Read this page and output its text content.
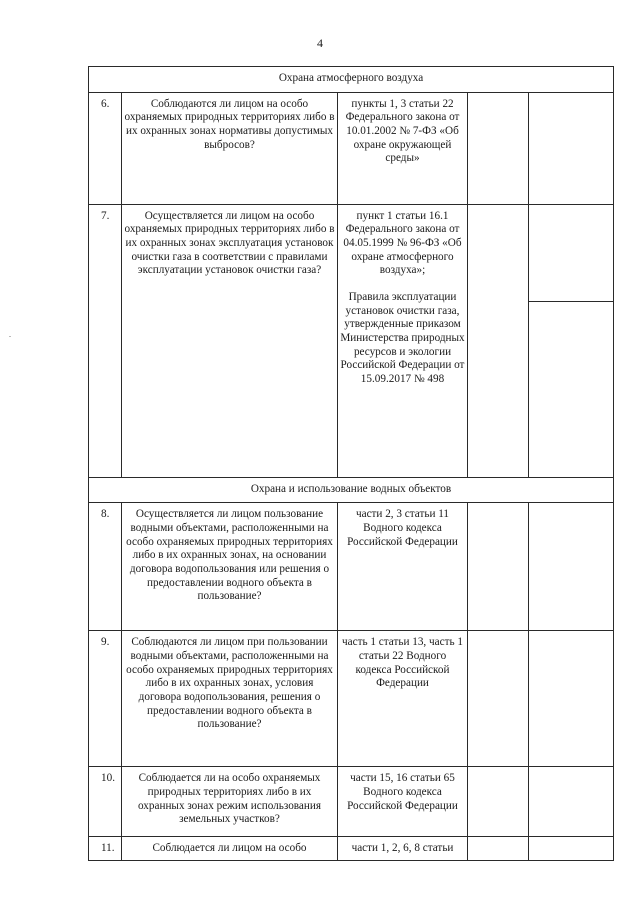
4
Охрана атмосферного воздуха				
6.	Соблюдаются ли лицом на особо охраняемых природных территориях либо в их охранных зонах нормативы допустимых выбросов?	пункты 1, 3 статьи 22 Федерального закона от 10.01.2002 № 7-ФЗ «Об охране окружающей среды»		

7.	Осуществляется ли лицом на особо охраняемых природных территориях либо в их охранных зонах эксплуатация установок очистки газа в соответствии с правилами эксплуатации установок очистки газа?	пункт 1 статьи 16.1 Федерального закона от 04.05.1999 № 96-ФЗ «Об охране атмосферного воздуха»;
Правила эксплуатации установок очистки газа, утвержденные приказом Министерства природных ресурсов и экологии Российской Федерации от 15.09.2017 № 498		

Охрана и использование водных объектов				
8.	Осуществляется ли лицом пользование водными объектами, расположенными на особо охраняемых природных территориях либо в их охранных зонах, на основании договора водопользования или решения о предоставлении водного объекта в пользование?	части 2, 3 статьи 11 Водного кодекса Российской Федерации		

9.	Соблюдаются ли лицом при пользовании водными объектами, расположенными на особо охраняемых природных территориях либо в их охранных зонах, условия договора водопользования, решения о предоставлении водного объекта в пользование?	часть 1 статьи 13, часть 1 статьи 22 Водного кодекса Российской Федерации		

10.	Соблюдается ли на особо охраняемых природных территориях либо в их охранных зонах режим использования земельных участков?	части 15, 16 статьи 65 Водного кодекса Российской Федерации		

11.	Соблюдается ли лицом на особо	части 1, 2, 6, 8 статьи		
